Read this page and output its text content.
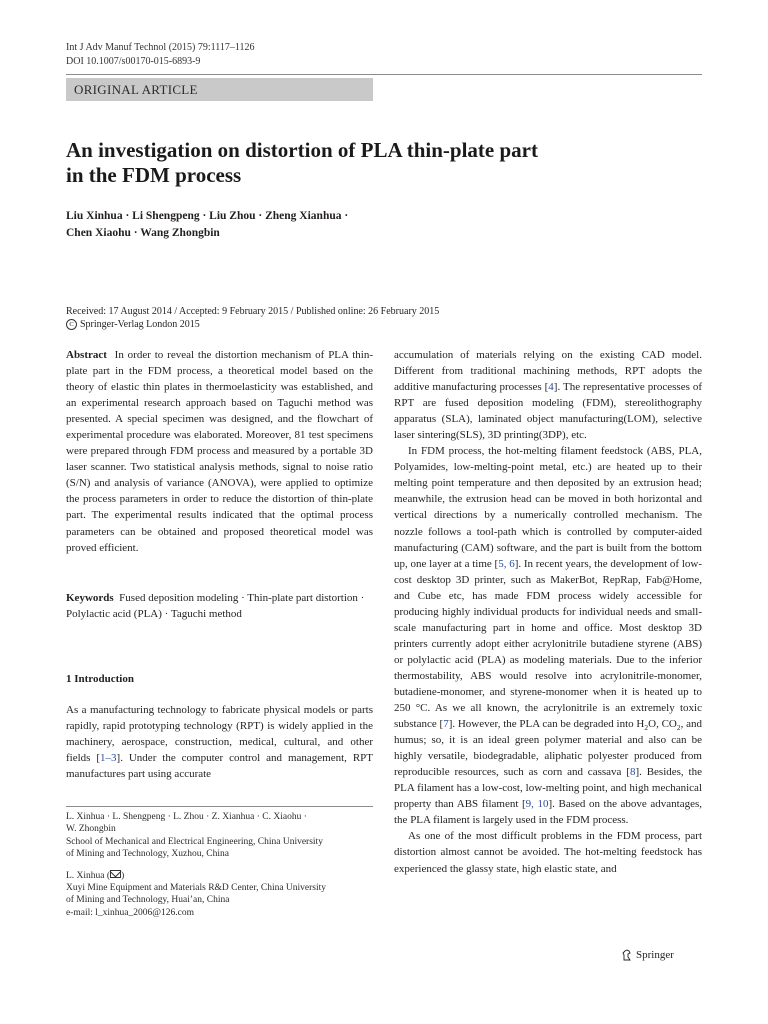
Int J Adv Manuf Technol (2015) 79:1117–1126
DOI 10.1007/s00170-015-6893-9
ORIGINAL ARTICLE
An investigation on distortion of PLA thin-plate part
in the FDM process
Liu Xinhua · Li Shengpeng · Liu Zhou · Zheng Xianhua ·
Chen Xiaohu · Wang Zhongbin
Received: 17 August 2014 / Accepted: 9 February 2015 / Published online: 26 February 2015
C Springer-Verlag London 2015

Abstract In order to reveal the distortion mechanism of PLA thin-plate part in the FDM process, a theoretical model based on the theory of elastic thin plates in thermoelasticity was established, and an experimental research approach based on Taguchi method was presented. A special specimen was designed, and the flowchart of experimental procedure was elaborated. Moreover, 81 test specimens were prepared through FDM process and measured by a portable 3D laser scanner. Two statistical analysis methods, signal to noise ratio (S/N) and analysis of variance (ANOVA), were applied to optimize the process parameters in order to reduce the distortion of thin-plate part. The experimental results indicated that the optimal process parameters can be obtained and proposed theoretical model was proved efficient.

Keywords Fused deposition modeling · Thin-plate part distortion · Polylactic acid (PLA) · Taguchi method

1 Introduction

As a manufacturing technology to fabricate physical models or parts rapidly, rapid prototyping technology (RPT) is widely applied in the machinery, aerospace, construction, medical, cultural, and other fields [1–3]. Under the computer control and management, RPT manufactures part using accurate

L. Xinhua · L. Shengpeng · L. Zhou · Z. Xianhua · C. Xiaohu ·
W. Zhongbin
School of Mechanical and Electrical Engineering, China University
of Mining and Technology, Xuzhou, China
L. Xinhua ( )
Xuyi Mine Equipment and Materials R&D Center, China University
of Mining and Technology, Huai’an, China
e-mail: l_xinhua_2006@126.com

accumulation of materials relying on the existing CAD model. Different from traditional machining methods, RPT adopts the additive manufacturing processes [4]. The representative processes of RPT are fused deposition modeling (FDM), stereolithography apparatus (SLA), laminated object manufacturing(LOM), selective laser sintering(SLS), 3D printing(3DP), etc.

In FDM process, the hot-melting filament feedstock (ABS, PLA, Polyamides, low-melting-point metal, etc.) are heated up to their melting point temperature and then deposited by an extrusion head; meanwhile, the extrusion head can be moved in both horizontal and vertical directions by a numerically controlled mechanism. The nozzle follows a tool-path which is controlled by computer-aided manufacturing (CAM) software, and the part is built from the bottom up, one layer at a time [5, 6]. In recent years, the development of low-cost desktop 3D printer, such as MakerBot, RepRap, Fab@Home, and Cube etc, has made FDM process widely accessible for producing highly individual products for individual needs and small-scale manufacturing part in home and office. Most desktop 3D printers currently adopt either acrylonitrile butadiene styrene (ABS) or polylactic acid (PLA) as modeling materials. Due to the inferior thermostability, ABS would resolve into acrylonitrile-monomer, butadiene-monomer, and styrene-monomer when it is heated up to 250 °C. As we all known, the acrylonitrile is an extremely toxic substance [7]. However, the PLA can be degraded into $H_2O$, $CO_2$, and humus; so, it is an ideal green polymer material and also can be highly versatile, biodegradable, aliphatic polyester produced from reproducible resources, such as corn and cassava [8]. Besides, the PLA filament has a low-cost, low-melting point, and high mechanical property than ABS filament [9, 10]. Based on the above advantages, the PLA filament is largely used in the FDM process.

As one of the most difficult problems in the FDM process, part distortion almost cannot be avoided. The hot-melting feedstock has experienced the glassy state, high elastic state, and

Springer
